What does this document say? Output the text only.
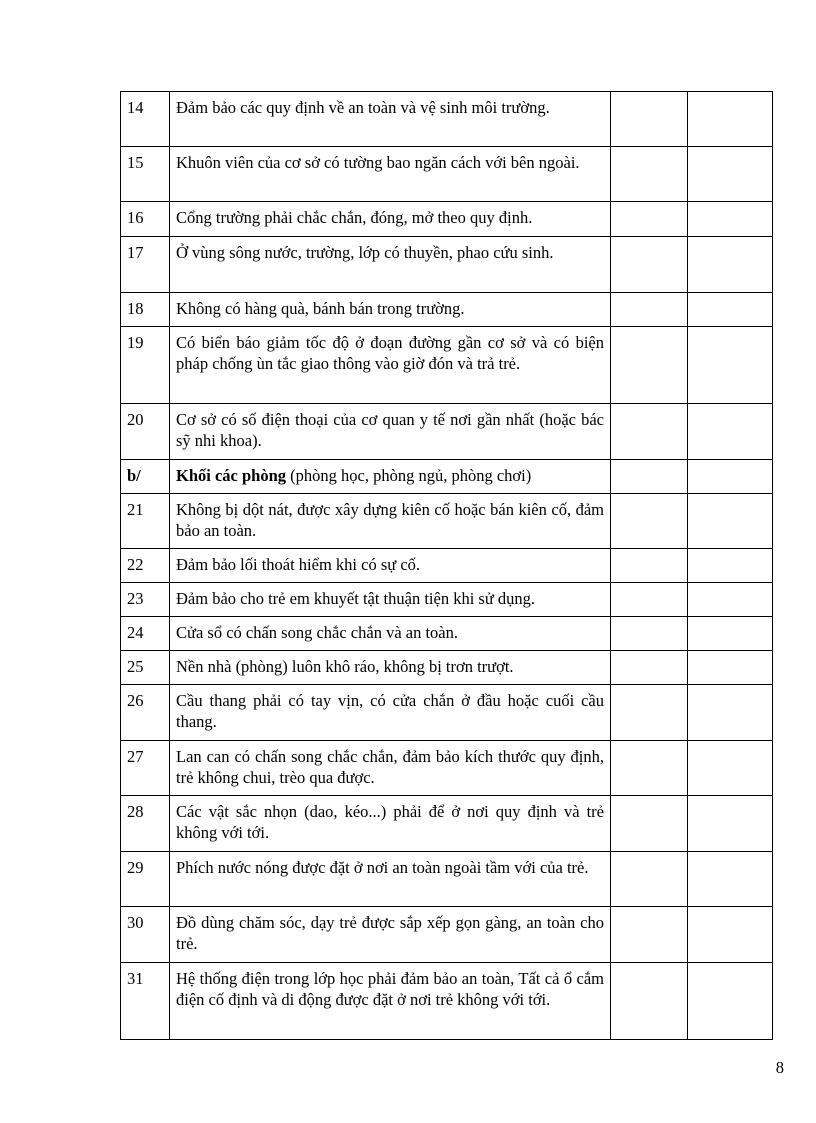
14	Đảm bảo các quy định về an toàn và vệ sinh môi trường.		
15	Khuôn viên của cơ sở có tường bao ngăn cách với bên ngoài.		
16	Cổng trường phải chắc chắn, đóng, mở theo quy định.		
17	Ở vùng sông nước, trường, lớp có thuyền, phao cứu sinh.		
18	Không có hàng quà, bánh bán trong trường.		
19	Có biển báo giảm tốc độ ở đoạn đường gần cơ sở và có biện pháp chống ùn tắc giao thông vào giờ đón và trả trẻ.		
20	Cơ sở có số điện thoại của cơ quan y tế nơi gần nhất (hoặc bác sỹ nhi khoa).		
b/	Khối các phòng (phòng học, phòng ngủ, phòng chơi)		
21	Không bị dột nát, được xây dựng kiên cố hoặc bán kiên cố, đảm bảo an toàn.		
22	Đảm bảo lối thoát hiểm khi có sự cố.		
23	Đảm bảo cho trẻ em khuyết tật thuận tiện khi sử dụng.		
24	Cửa sổ có chấn song chắc chắn và an toàn.		
25	Nền nhà (phòng) luôn khô ráo, không bị trơn trượt.		
26	Cầu thang phải có tay vịn, có cửa chắn ở đầu hoặc cuối cầu thang.		
27	Lan can có chấn song chắc chắn, đảm bảo kích thước quy định, trẻ không chui, trèo qua được.		
28	Các vật sắc nhọn (dao, kéo...) phải để ở nơi quy định và trẻ không với tới.		
29	Phích nước nóng được đặt ở nơi an toàn ngoài tầm với của trẻ.		
30	Đồ dùng chăm sóc, dạy trẻ được sắp xếp gọn gàng, an toàn cho trẻ.		
31	Hệ thống điện trong lớp học phải đảm bảo an toàn, Tất cả ổ cắm điện cố định và di động được đặt ở nơi trẻ không với tới.		
8
